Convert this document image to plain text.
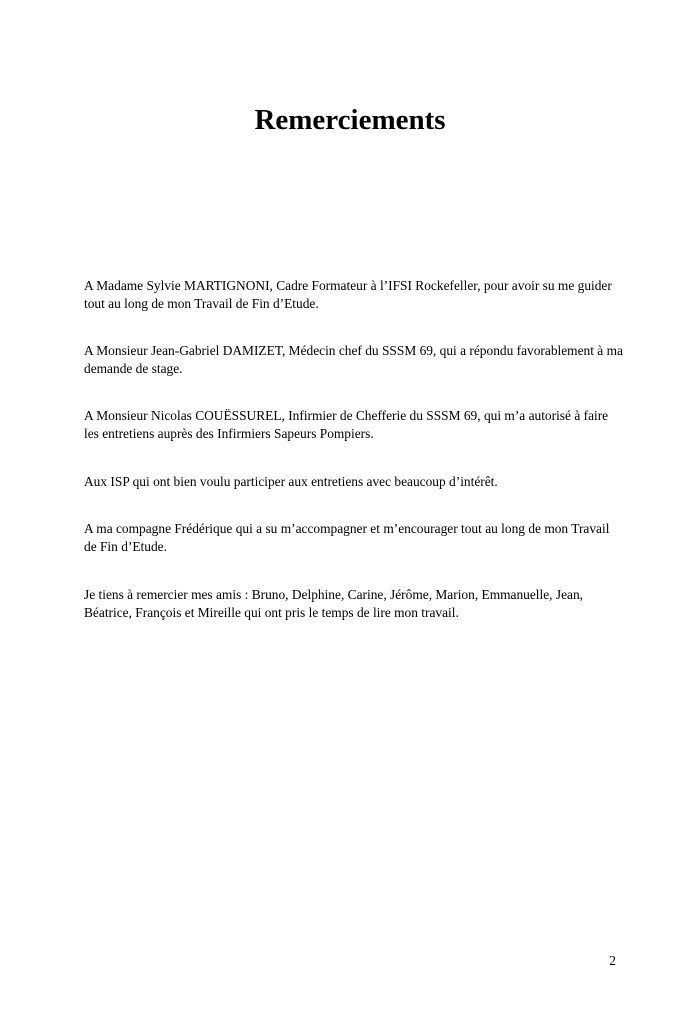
Remerciements

A Madame Sylvie MARTIGNONI, Cadre Formateur à l’IFSI Rockefeller, pour avoir su me guider tout au long de mon Travail de Fin d’Etude.

A Monsieur Jean-Gabriel DAMIZET, Médecin chef du SSSM 69, qui a répondu favorablement à ma demande de stage.

A Monsieur Nicolas COUËSSUREL, Infirmier de Chefferie du SSSM 69, qui m’a autorisé à faire les entretiens auprès des Infirmiers Sapeurs Pompiers.

Aux ISP qui ont bien voulu participer aux entretiens avec beaucoup d’intérêt.

A ma compagne Frédérique qui a su m’accompagner et m’encourager tout au long de mon Travail de Fin d’Etude.

Je tiens à remercier mes amis : Bruno, Delphine, Carine, Jérôme, Marion, Emmanuelle, Jean, Béatrice, François et Mireille qui ont pris le temps de lire mon travail.

2
